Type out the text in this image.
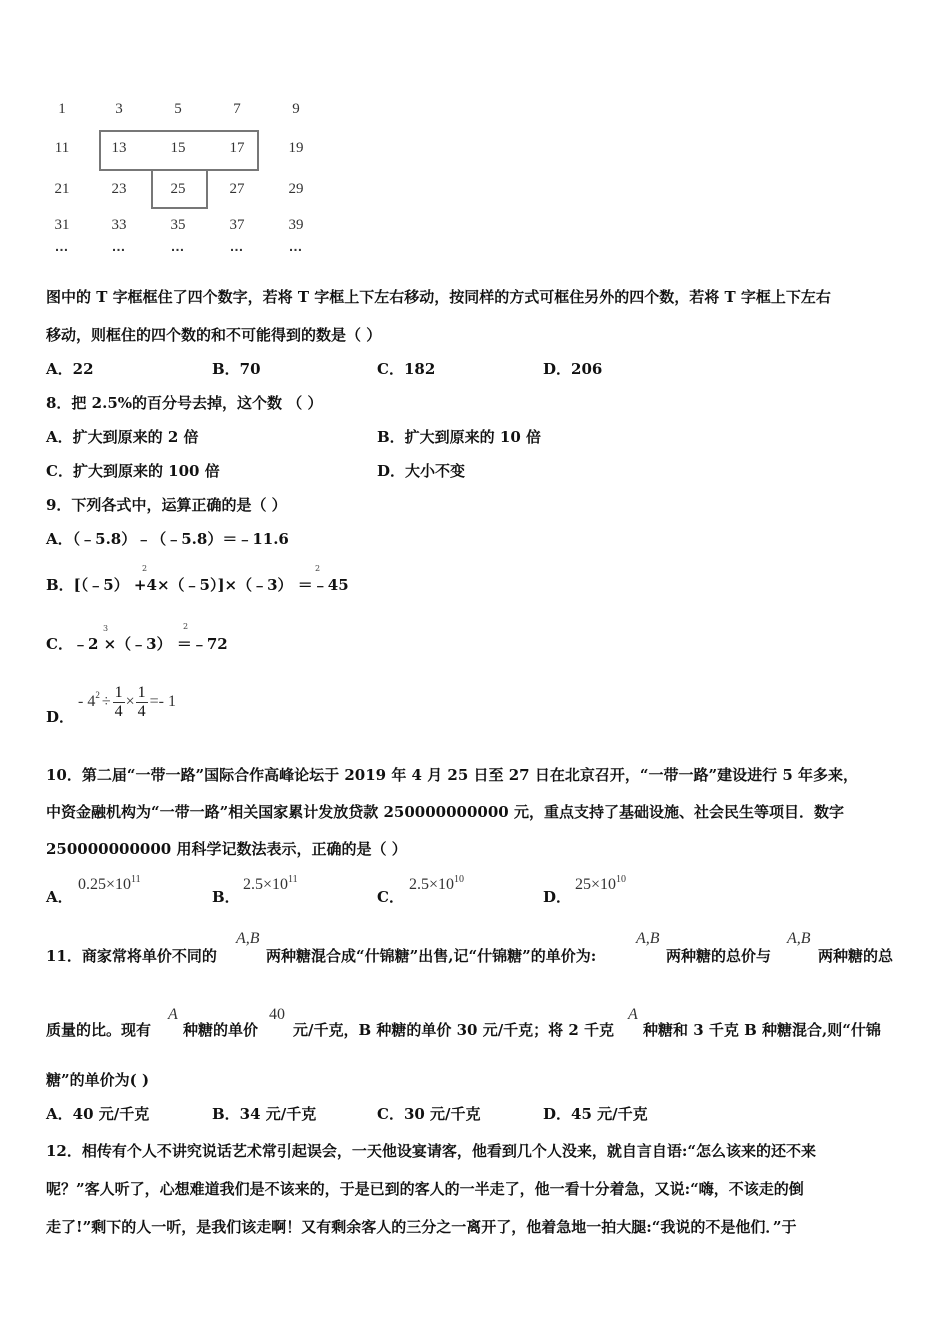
1	3	5	7	9
11	13	15	17	19
21	23	25	27	29
31	33	35	37	39
…	…	…	…	…
图中的 T 字框框住了四个数字，若将 T 字框上下左右移动，按同样的方式可框住另外的四个数，若将 T 字框上下左右
移动，则框住的四个数的和不可能得到的数是（ ）
A．22	B．70	C．182	D．206
8．把 2.5%的百分号去掉，这个数 （ ）
A．扩大到原来的 2 倍	B．扩大到原来的 10 倍
C．扩大到原来的 100 倍	D．大小不变
9．下列各式中，运算正确的是（ ）
A．（﹣5.8）﹣（﹣5.8）＝﹣11.6
B．[（﹣5） +4×（﹣5）]×（﹣3） ＝﹣45
2	2
C．﹣2 ×（﹣3） ＝﹣72
3	2
D．
- 4 $2 \div \frac{1}{4} \times \frac{1}{4} =- 1$
10．第二届“一带一路”国际合作高峰论坛于 2019 年 4 月 25 日至 27 日在北京召开，“一带一路”建设进行 5 年多来，
中资金融机构为“一带一路”相关国家累计发放贷款 250000000000 元，重点支持了基础设施、社会民生等项目．数字
250000000000 用科学记数法表示，正确的是（ ）
A．
$0.25\times 10^{11}$
B．
$2.5\times 10^{11}$
C．
$2.5\times 10^{10}$
D．
$25\times 10^{10}$
11．商家常将单价不同的
A,B
两种糖混合成“什锦糖”出售,记“什锦糖”的单价为:
A,B
两种糖的总价与
A,B
两种糖的总
质量的比。现有
A
种糖的单价
40
元/千克，B 种糖的单价 30 元/千克；将 2 千克
A
种糖和 3 千克 B 种糖混合,则“什锦
糖”的单价为( )
A．40 元/千克	B．34 元/千克	C．30 元/千克	D．45 元/千克
12．相传有个人不讲究说话艺术常引起误会，一天他设宴请客，他看到几个人没来，就自言自语:“怎么该来的还不来
呢？”客人听了，心想难道我们是不该来的，于是已到的客人的一半走了，他一看十分着急，又说:“嗨，不该走的倒
走了!”剩下的人一听，是我们该走啊！又有剩余客人的三分之一离开了，他着急地一拍大腿:“我说的不是他们．”于
